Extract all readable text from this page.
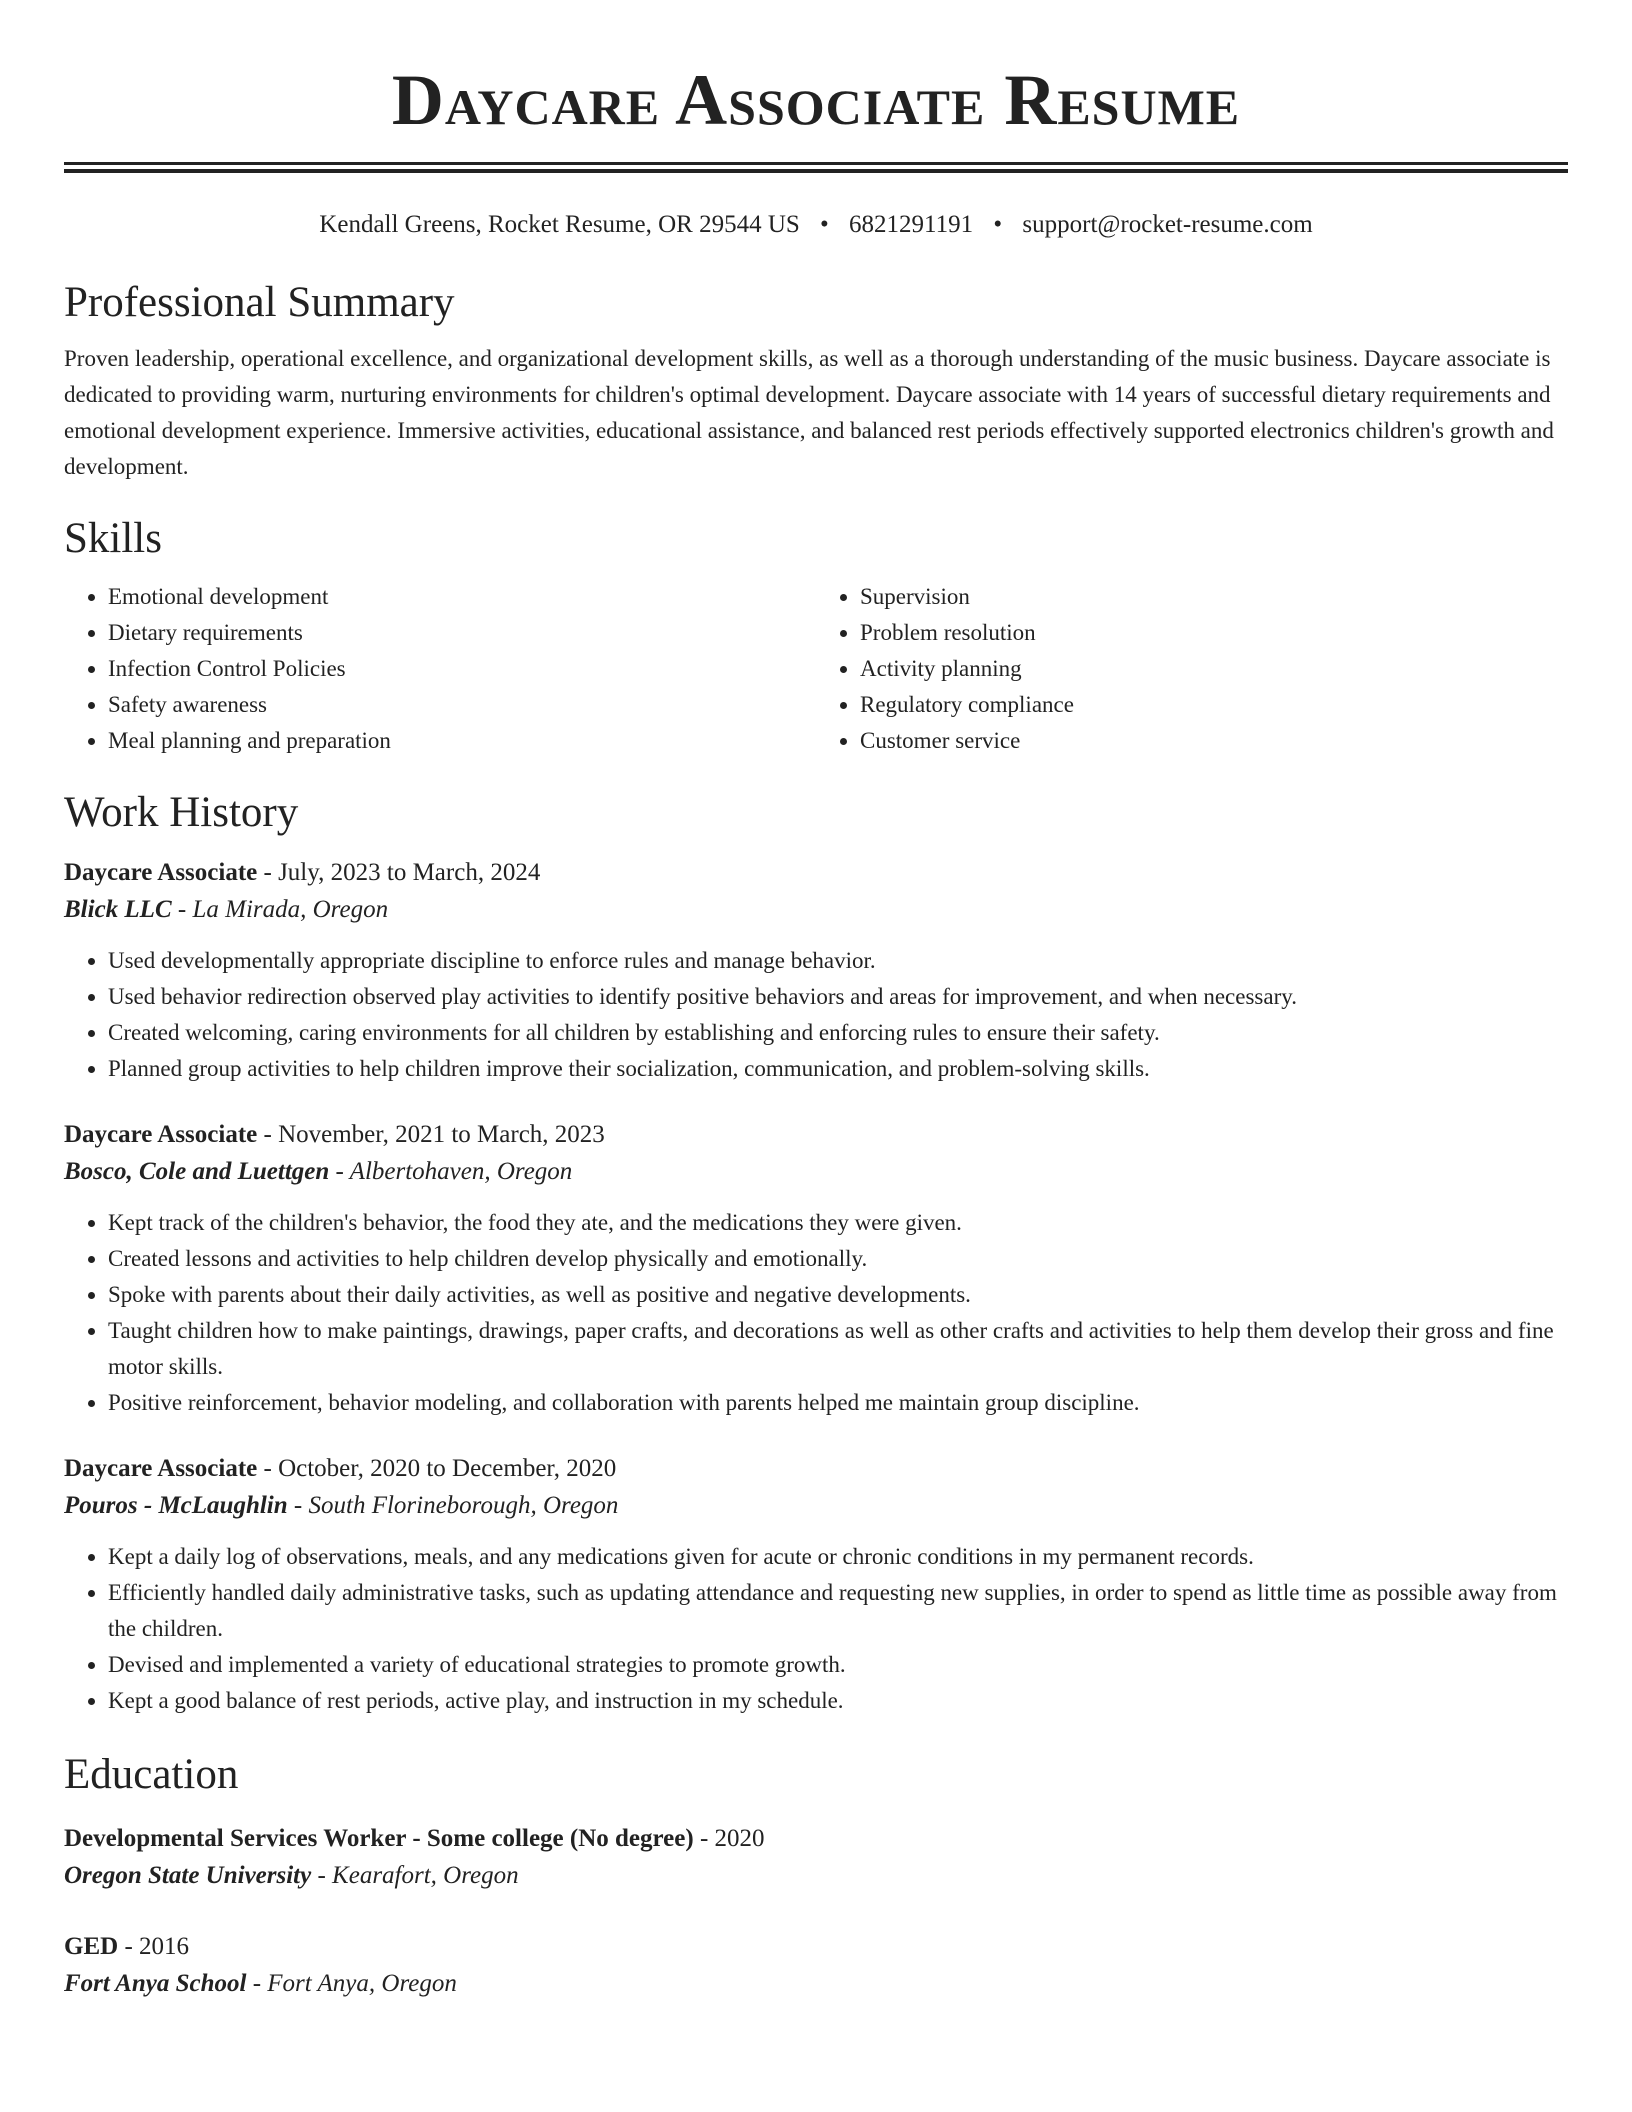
Daycare Associate Resume
Kendall Greens, Rocket Resume, OR 29544 US • 6821291191 • support@rocket-resume.com
Professional Summary

Proven leadership, operational excellence, and organizational development skills, as well as a thorough understanding of the music business. Daycare associate is dedicated to providing warm, nurturing environments for children's optimal development. Daycare associate with 14 years of successful dietary requirements and emotional development experience. Immersive activities, educational assistance, and balanced rest periods effectively supported electronics children's growth and development.

Skills
• Emotional development
• Dietary requirements
• Infection Control Policies
• Safety awareness
• Meal planning and preparation
• Supervision
• Problem resolution
• Activity planning
• Regulatory compliance
• Customer service
Work History

Daycare Associate - July, 2023 to March, 2024

Blick LLC - La Mirada, Oregon

• Used developmentally appropriate discipline to enforce rules and manage behavior.
• Used behavior redirection observed play activities to identify positive behaviors and areas for improvement, and when necessary.
• Created welcoming, caring environments for all children by establishing and enforcing rules to ensure their safety.
• Planned group activities to help children improve their socialization, communication, and problem-solving skills.

Daycare Associate - November, 2021 to March, 2023

Bosco, Cole and Luettgen - Albertohaven, Oregon

• Kept track of the children's behavior, the food they ate, and the medications they were given.
• Created lessons and activities to help children develop physically and emotionally.
• Spoke with parents about their daily activities, as well as positive and negative developments.
• Taught children how to make paintings, drawings, paper crafts, and decorations as well as other crafts and activities to help them develop their gross and fine motor skills.
• Positive reinforcement, behavior modeling, and collaboration with parents helped me maintain group discipline.

Daycare Associate - October, 2020 to December, 2020

Pouros - McLaughlin - South Florineborough, Oregon

• Kept a daily log of observations, meals, and any medications given for acute or chronic conditions in my permanent records.
• Efficiently handled daily administrative tasks, such as updating attendance and requesting new supplies, in order to spend as little time as possible away from the children.
• Devised and implemented a variety of educational strategies to promote growth.
• Kept a good balance of rest periods, active play, and instruction in my schedule.
Education

Developmental Services Worker - Some college (No degree) - 2020

Oregon State University - Kearafort, Oregon

GED - 2016

Fort Anya School - Fort Anya, Oregon
